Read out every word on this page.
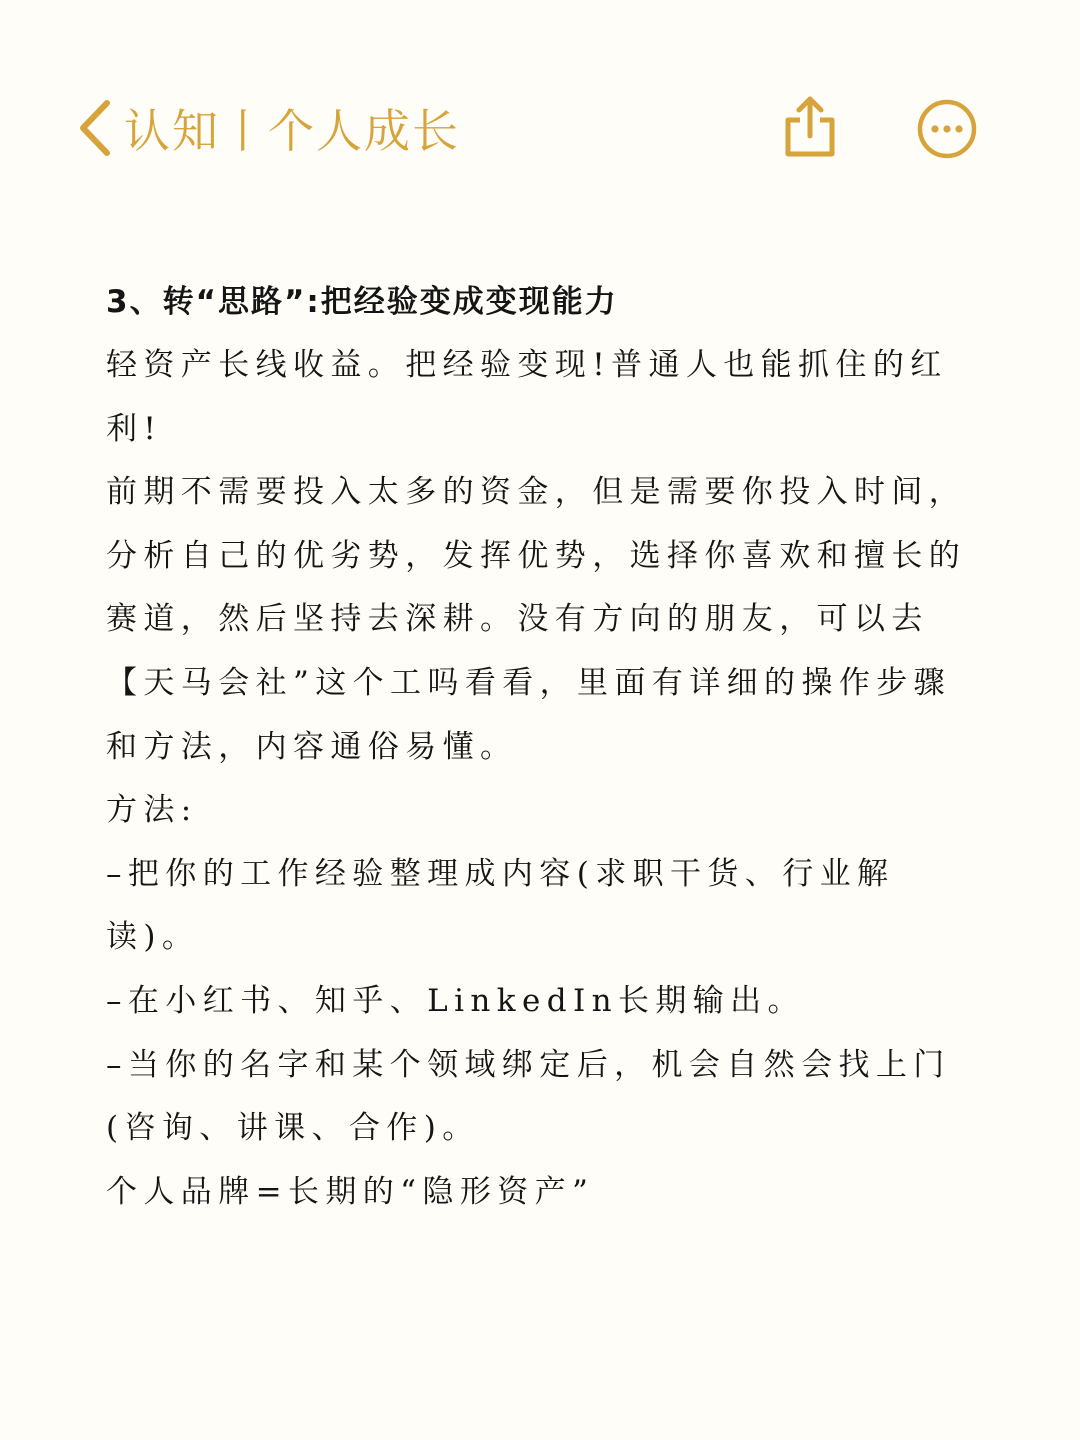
认知丨个人成长
3、转“思路”:把经验变成变现能力
轻资产长线收益。把经验变现!普通人也能抓住的红
利!
前期不需要投入太多的资金，但是需要你投入时间，
分析自己的优劣势，发挥优势，选择你喜欢和擅长的
赛道，然后坚持去深耕。没有方向的朋友，可以去
【天马会社”这个工吗看看，里面有详细的操作步骤
和方法，内容通俗易懂。
方法:
–把你的工作经验整理成内容(求职干货、行业解
读)。
–在小红书、知乎、LinkedIn长期输出。
–当你的名字和某个领域绑定后，机会自然会找上门
(咨询、讲课、合作)。
个人品牌=长期的“隐形资产”
